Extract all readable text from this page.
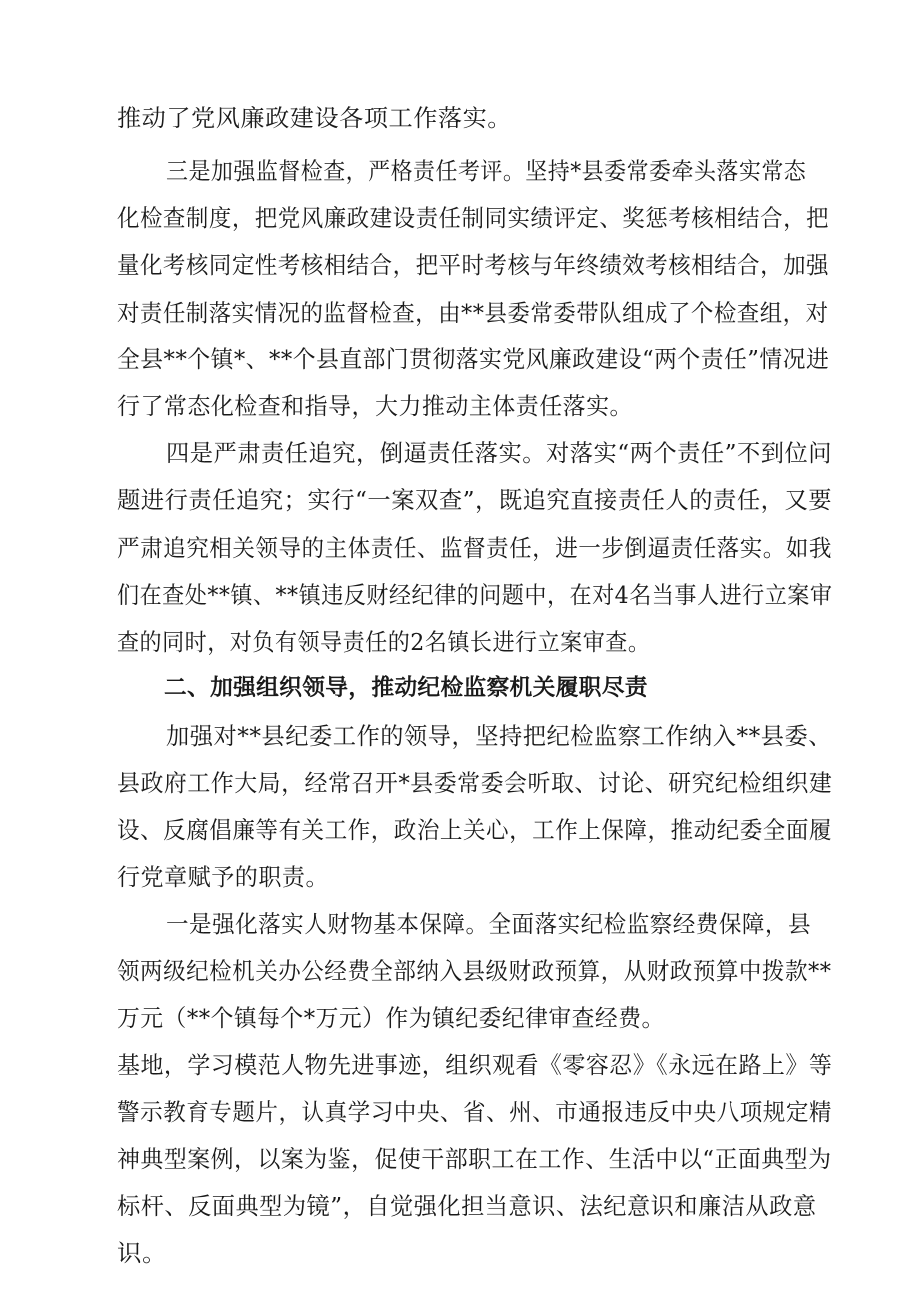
推动了党风廉政建设各项工作落实。
三是加强监督检查，严格责任考评。坚持*县委常委牵头落实常态
化检查制度，把党风廉政建设责任制同实绩评定、奖惩考核相结合，把
量化考核同定性考核相结合，把平时考核与年终绩效考核相结合，加强
对责任制落实情况的监督检查，由**县委常委带队组成了个检查组，对
全县**个镇*、**个县直部门贯彻落实党风廉政建设“两个责任”情况进
行了常态化检查和指导，大力推动主体责任落实。
四是严肃责任追究，倒逼责任落实。对落实“两个责任”不到位问
题进行责任追究；实行“一案双查”，既追究直接责任人的责任，又要
严肃追究相关领导的主体责任、监督责任，进一步倒逼责任落实。如我
们在查处**镇、**镇违反财经纪律的问题中，在对4名当事人进行立案审
查的同时，对负有领导责任的2名镇长进行立案审查。
二、加强组织领导，推动纪检监察机关履职尽责
加强对**县纪委工作的领导，坚持把纪检监察工作纳入**县委、
县政府工作大局，经常召开*县委常委会听取、讨论、研究纪检组织建
设、反腐倡廉等有关工作，政治上关心，工作上保障，推动纪委全面履
行党章赋予的职责。
一是强化落实人财物基本保障。全面落实纪检监察经费保障，县
领两级纪检机关办公经费全部纳入县级财政预算，从财政预算中拨款**
万元（**个镇每个*万元）作为镇纪委纪律审查经费。
基地，学习模范人物先进事迹，组织观看《零容忍》《永远在路上》等
警示教育专题片，认真学习中央、省、州、市通报违反中央八项规定精
神典型案例，以案为鉴，促使干部职工在工作、生活中以“正面典型为
标杆、反面典型为镜”，自觉强化担当意识、法纪意识和廉洁从政意
识。
